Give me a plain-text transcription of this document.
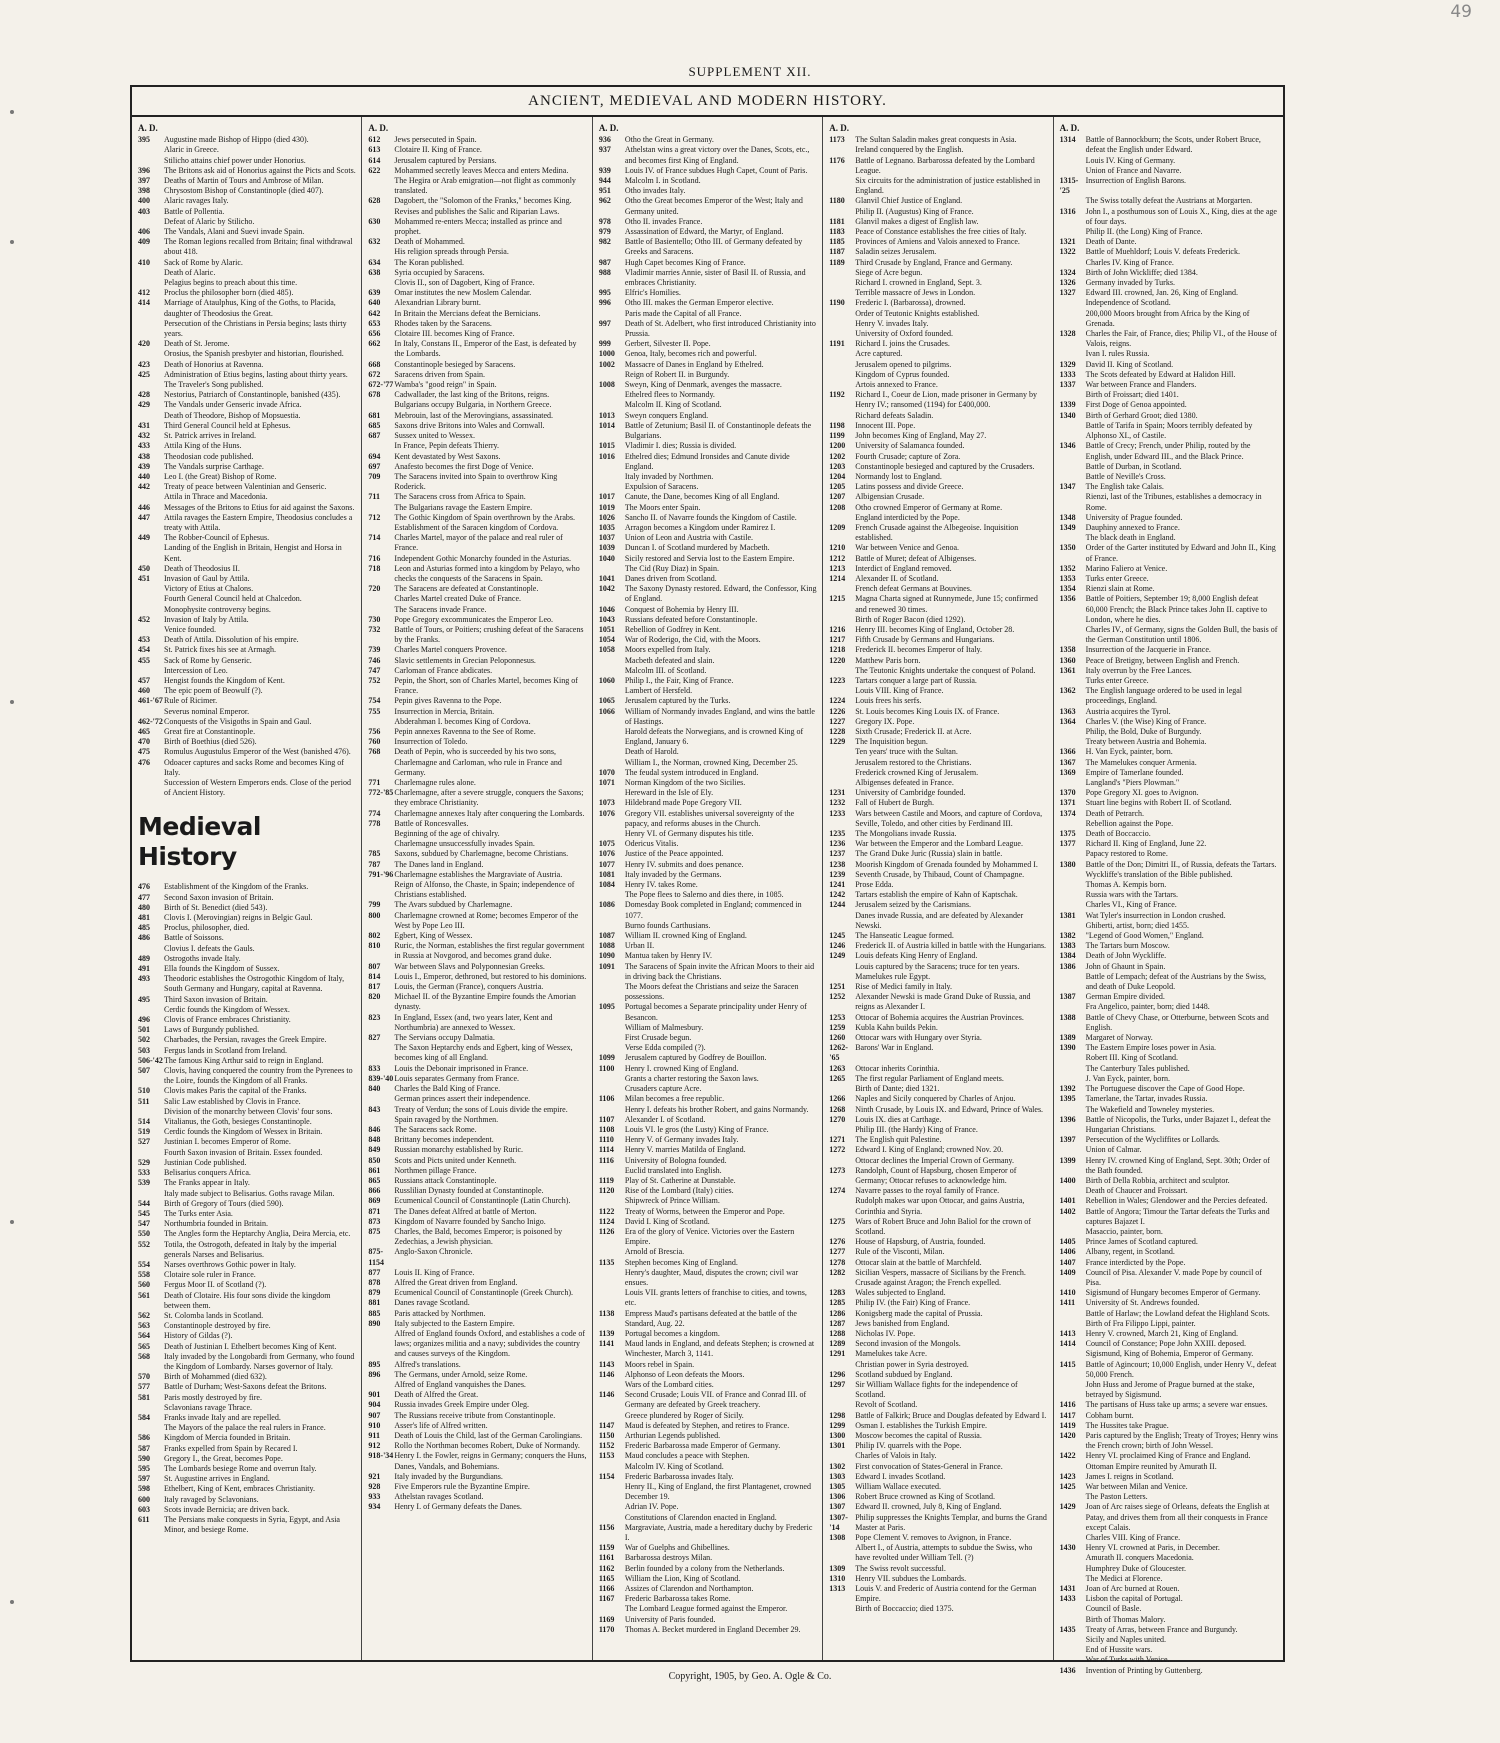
49
SUPPLEMENT XII.
ANCIENT, MEDIEVAL AND MODERN HISTORY.
A. D.
395	Augustine made Bishop of Hippo (died 430).
Alaric in Greece.
Stilicho attains chief power under Honorius.
396	The Britons ask aid of Honorius against the Picts and Scots.
397	Deaths of Martin of Tours and Ambrose of Milan.
398	Chrysostom Bishop of Constantinople (died 407).
400	Alaric ravages Italy.
403	Battle of Pollentia.
Defeat of Alaric by Stilicho.
406	The Vandals, Alani and Suevi invade Spain.
409	The Roman legions recalled from Britain; final withdrawal about 418.
410	Sack of Rome by Alaric.
Death of Alaric.
Pelagius begins to preach about this time.
412	Proclus the philosopher born (died 485).
414	Marriage of Ataulphus, King of the Goths, to Placida, daughter of Theodosius the Great.
Persecution of the Christians in Persia begins; lasts thirty years.
420	Death of St. Jerome.
Orosius, the Spanish presbyter and historian, flourished.
423	Death of Honorius at Ravenna.
425	Administration of Etius begins, lasting about thirty years.
The Traveler's Song published.
428	Nestorius, Patriarch of Constantinople, banished (435).
429	The Vandals under Genseric invade Africa.
Death of Theodore, Bishop of Mopsuestia.
431	Third General Council held at Ephesus.
432	St. Patrick arrives in Ireland.
433	Attila King of the Huns.
438	Theodosian code published.
439	The Vandals surprise Carthage.
440	Leo I. (the Great) Bishop of Rome.
442	Treaty of peace between Valentinian and Genseric.
Attila in Thrace and Macedonia.
446	Messages of the Britons to Etius for aid against the Saxons.
447	Attila ravages the Eastern Empire, Theodosius concludes a treaty with Attila.
449	The Robber-Council of Ephesus.
Landing of the English in Britain, Hengist and Horsa in Kent.
450	Death of Theodosius II.
451	Invasion of Gaul by Attila.
Victory of Etius at Chalons.
Fourth General Council held at Chalcedon.
Monophysite controversy begins.
452	Invasion of Italy by Attila.
Venice founded.
453	Death of Attila. Dissolution of his empire.
454	St. Patrick fixes his see at Armagh.
455	Sack of Rome by Genseric.
Intercession of Leo.
457	Hengist founds the Kingdom of Kent.
460	The epic poem of Beowulf (?).
461-'67 Rule of Ricimer.
Severus nominal Emperor.
462-'72 Conquests of the Visigoths in Spain and Gaul.
465	Great fire at Constantinople.
470	Birth of Boethius (died 526).
475	Romulus Augustulus Emperor of the West (banished 476).
476	Odoacer captures and sacks Rome and becomes King of Italy.
Succession of Western Emperors ends. Close of the period of Ancient History.
Medieval History
476	Establishment of the Kingdom of the Franks.
477	Second Saxon invasion of Britain.
480	Birth of St. Benedict (died 543).
481	Clovis I. (Merovingian) reigns in Belgic Gaul.
485	Proclus, philosopher, died.
486	Battle of Soissons.
Clovius I. defeats the Gauls.
489	Ostrogoths invade Italy.
491	Ella founds the Kingdom of Sussex.
493	Theodoric establishes the Ostrogothic Kingdom of Italy, South Germany and Hungary, capital at Ravenna.
495	Third Saxon invasion of Britain.
Cerdic founds the Kingdom of Wessex.
496	Clovis of France embraces Christianity.
501	Laws of Burgundy published.
502	Charbades, the Persian, ravages the Greek Empire.
503	Fergus lands in Scotland from Ireland.
506-'42 The famous King Arthur said to reign in England.
507	Clovis, having conquered the country from the Pyrenees to the Loire, founds the Kingdom of all Franks.
510	Clovis makes Paris the capital of the Franks.
511	Salic Law established by Clovis in France.
Division of the monarchy between Clovis' four sons.
514	Vitalianus, the Goth, besieges Constantinople.
519	Cerdic founds the Kingdom of Wessex in Britain.
527	Justinian I. becomes Emperor of Rome.
Fourth Saxon invasion of Britain. Essex founded.
529	Justinian Code published.
533	Belisarius conquers Africa.
539	The Franks appear in Italy.
Italy made subject to Belisarius. Goths ravage Milan.
544	Birth of Gregory of Tours (died 590).
545	The Turks enter Asia.
547	Northumbria founded in Britain.
550	The Angles form the Heptarchy Anglia, Deira Mercia, etc.
552	Totila, the Ostrogoth, defeated in Italy by the imperial generals Narses and Belisarius.
554	Narses overthrows Gothic power in Italy.
558	Clotaire sole ruler in France.
560	Fergus Moor II. of Scotland (?).
561	Death of Clotaire. His four sons divide the kingdom between them.
562	St. Colomba lands in Scotland.
563	Constantinople destroyed by fire.
564	History of Gildas (?).
565	Death of Justinian I. Ethelbert becomes King of Kent.
568	Italy invaded by the Longobardi from Germany, who found the Kingdom of Lombardy. Narses governor of Italy.
570	Birth of Mohammed (died 632).
577	Battle of Durham; West-Saxons defeat the Britons.
581	Paris mostly destroyed by fire.
Sclavonians ravage Thrace.
584	Franks invade Italy and are repelled.
The Mayors of the palace the real rulers in France.
586	Kingdom of Mercia founded in Britain.
587	Franks expelled from Spain by Recared I.
590	Gregory I., the Great, becomes Pope.
595	The Lombards besiege Rome and overrun Italy.
597	St. Augustine arrives in England.
598	Ethelbert, King of Kent, embraces Christianity.
600	Italy ravaged by Sclavonians.
603	Scots invade Bernicia; are driven back.
611	The Persians make conquests in Syria, Egypt, and Asia Minor, and besiege Rome.
A. D.
612	Jews persecuted in Spain.
613	Clotaire II. King of France.
614	Jerusalem captured by Persians.
622	Mohammed secretly leaves Mecca and enters Medina.
The Hegira or Arab emigration—not flight as commonly translated.
628	Dagobert, the "Solomon of the Franks," becomes King.
Revises and publishes the Salic and Riparian Laws.
630	Mohammed re-enters Mecca; installed as prince and prophet.
632	Death of Mohammed.
His religion spreads through Persia.
634	The Koran published.
638	Syria occupied by Saracens.
Clovis II., son of Dagobert, King of France.
639	Omar institutes the new Moslem Calendar.
640	Alexandrian Library burnt.
642	In Britain the Mercians defeat the Bernicians.
653	Rhodes taken by the Saracens.
656	Clotaire III. becomes King of France.
662	In Italy, Constans II., Emperor of the East, is defeated by the Lombards.
668	Constantinople besieged by Saracens.
672	Saracens driven from Spain.
672-'77 Wamba's "good reign" in Spain.
678	Cadwallader, the last king of the Britons, reigns.
Bulgarians occupy Bulgaria, in Northern Greece.
681	Mebrouin, last of the Merovingians, assassinated.
685	Saxons drive Britons into Wales and Cornwall.
687	Sussex united to Wessex.
In France, Pepin defeats Thierry.
694	Kent devastated by West Saxons.
697	Anafesto becomes the first Doge of Venice.
709	The Saracens invited into Spain to overthrow King Roderick.
711	The Saracens cross from Africa to Spain.
The Bulgarians ravage the Eastern Empire.
712	The Gothic Kingdom of Spain overthrown by the Arabs.
Establishment of the Saracen kingdom of Cordova.
714	Charles Martel, mayor of the palace and real ruler of France.
716	Independent Gothic Monarchy founded in the Asturias.
718	Leon and Asturias formed into a kingdom by Pelayo, who checks the conquests of the Saracens in Spain.
720	The Saracens are defeated at Constantinople.
Charles Martel created Duke of France.
The Saracens invade France.
730	Pope Gregory excommunicates the Emperor Leo.
732	Battle of Tours, or Poitiers; crushing defeat of the Saracens by the Franks.
739	Charles Martel conquers Provence.
746	Slavic settlements in Grecian Peloponnesus.
747	Carloman of France abdicates.
752	Pepin, the Short, son of Charles Martel, becomes King of France.
754	Pepin gives Ravenna to the Pope.
755	Insurrection in Mercia, Britain.
Abderahman I. becomes King of Cordova.
756	Pepin annexes Ravenna to the See of Rome.
760	Insurrection of Toledo.
768	Death of Pepin, who is succeeded by his two sons, Charlemagne and Carloman, who rule in France and Germany.
771	Charlemagne rules alone.
772-'85 Charlemagne, after a severe struggle, conquers the Saxons; they embrace Christianity.
774	Charlemagne annexes Italy after conquering the Lombards.
778	Battle of Roncesvalles.
Beginning of the age of chivalry.
Charlemagne unsuccessfully invades Spain.
785	Saxons, subdued by Charlemagne, become Christians.
787	The Danes land in England.
791-'96 Charlemagne establishes the Margraviate of Austria.
Reign of Alfonso, the Chaste, in Spain; independence of Christians established.
799	The Avars subdued by Charlemagne.
800	Charlemagne crowned at Rome; becomes Emperor of the West by Pope Leo III.
802	Egbert, King of Wessex.
810	Ruric, the Norman, establishes the first regular government in Russia at Novgorod, and becomes grand duke.
807	War between Slavs and Polyponnesian Greeks.
814	Louis I., Emperor, dethroned, but restored to his dominions.
817	Louis, the German (France), conquers Austria.
820	Michael II. of the Byzantine Empire founds the Amorian dynasty.
823	In England, Essex (and, two years later, Kent and Northumbria) are annexed to Wessex.
827	The Servians occupy Dalmatia.
The Saxon Heptarchy ends and Egbert, king of Wessex, becomes king of all England.
833	Louis the Debonair imprisoned in France.
839-'40 Louis separates Germany from France.
840	Charles the Bald King of France.
German princes assert their independence.
843	Treaty of Verdun; the sons of Louis divide the empire.
Spain ravaged by the Northmen.
846	The Saracens sack Rome.
848	Brittany becomes independent.
849	Russian monarchy established by Ruric.
850	Scots and Picts united under Kenneth.
861	Northmen pillage France.
865	Russians attack Constantinople.
866	Russlilian Dynasty founded at Constantinople.
869	Ecumenical Council of Constantinople (Latin Church).
871	The Danes defeat Alfred at battle of Merton.
873	Kingdom of Navarre founded by Sancho Inigo.
875	Charles, the Bald, becomes Emperor; is poisoned by Zedechias, a Jewish physician.
875-1154
Anglo-Saxon Chronicle.
877	Louis II. King of France.
878	Alfred the Great driven from England.
879	Ecumenical Council of Constantinople (Greek Church).
881	Danes ravage Scotland.
885	Paris attacked by Northmen.
890	Italy subjected to the Eastern Empire.
Alfred of England founds Oxford, and establishes a code of laws; organizes militia and a navy; subdivides the country and causes surveys of the Kingdom.
895	Alfred's translations.
896	The Germans, under Arnold, seize Rome.
Alfred of England vanquishes the Danes.
901	Death of Alfred the Great.
904	Russia invades Greek Empire under Oleg.
907	The Russians receive tribute from Constantinople.
910	Asser's life of Alfred written.
911	Death of Louis the Child, last of the German Carolingians.
912	Rollo the Northman becomes Robert, Duke of Normandy.
918-'34 Henry I. the Fowler, reigns in Germany; conquers the Huns, Danes, Vandals, and Bohemians.
921	Italy invaded by the Burgundians.
928	Five Emperors rule the Byzantine Empire.
933	Athelstan ravages Scotland.
934	Henry I. of Germany defeats the Danes.
A. D.
936	Otho the Great in Germany.
937	Athelstan wins a great victory over the Danes, Scots, etc., and becomes first King of England.
939	Louis IV. of France subdues Hugh Capet, Count of Paris.
944	Malcolm I. in Scotland.
951	Otho invades Italy.
962	Otho the Great becomes Emperor of the West; Italy and Germany united.
978	Otho II. invades France.
979	Assassination of Edward, the Martyr, of England.
982	Battle of Basientello; Otho III. of Germany defeated by Greeks and Saracens.
987	Hugh Capet becomes King of France.
988	Vladimir marries Annie, sister of Basil II. of Russia, and embraces Christianity.
995	Elfric's Homilies.
996	Otho III. makes the German Emperor elective.
Paris made the Capital of all France.
997	Death of St. Adelbert, who first introduced Christianity into Prussia.
999	Gerbert, Silvester II. Pope.
1000	Genoa, Italy, becomes rich and powerful.
1002	Massacre of Danes in England by Ethelred.
Reign of Robert II. in Burgundy.
1008	Sweyn, King of Denmark, avenges the massacre.
Ethelred flees to Normandy.
Malcolm II. King of Scotland.
1013	Sweyn conquers England.
1014	Battle of Zetunium; Basil II. of Constantinople defeats the Bulgarians.
1015	Vladimir I. dies; Russia is divided.
1016	Ethelred dies; Edmund Ironsides and Canute divide England.
Italy invaded by Northmen.
Expulsion of Saracens.
1017	Canute, the Dane, becomes King of all England.
1019	The Moors enter Spain.
1026	Sancho II. of Navarre founds the Kingdom of Castile.
1035	Arragon becomes a Kingdom under Ramirez I.
1037	Union of Leon and Austria with Castile.
1039	Duncan I. of Scotland murdered by Macbeth.
1040	Sicily restored and Servia lost to the Eastern Empire.
The Cid (Ruy Diaz) in Spain.
1041	Danes driven from Scotland.
1042	The Saxony Dynasty restored. Edward, the Confessor, King of England.
1046	Conquest of Bohemia by Henry III.
1043	Russians defeated before Constantinople.
1051	Rebellion of Godfrey in Kent.
1054	War of Roderigo, the Cid, with the Moors.
1058	Moors expelled from Italy.
Macbeth defeated and slain.
Malcolm III. of Scotland.
1060	Philip I., the Fair, King of France.
Lambert of Hersfeld.
1065	Jerusalem captured by the Turks.
1066	William of Normandy invades England, and wins the battle of Hastings.
Harold defeats the Norwegians, and is crowned King of England, January 6.
Death of Harold.
William I., the Norman, crowned King, December 25.
1070	The feudal system introduced in England.
1071	Norman Kingdom of the two Sicilies.
Hereward in the Isle of Ely.
1073	Hildebrand made Pope Gregory VII.
1076	Gregory VII. establishes universal sovereignty of the papacy, and reforms abuses in the Church.
Henry VI. of Germany disputes his title.
1075	Odericus Vitalis.
1076	Justice of the Peace appointed.
1077	Henry IV. submits and does penance.
1081	Italy invaded by the Germans.
1084	Henry IV. takes Rome.
The Pope flees to Salerno and dies there, in 1085.
1086	Domesday Book completed in England; commenced in 1077.
Burno founds Carthusians.
1087	William II. crowned King of England.
1088	Urban II.
1090	Mantua taken by Henry IV.
1091	The Saracens of Spain invite the African Moors to their aid in driving back the Christians.
The Moors defeat the Christians and seize the Saracen possessions.
1095	Portugal becomes a Separate principality under Henry of Besancon.
William of Malmesbury.
First Crusade begun.
Verse Edda compiled (?).
1099	Jerusalem captured by Godfrey de Bouillon.
1100	Henry I. crowned King of England.
Grants a charter restoring the Saxon laws.
Crusaders capture Acre.
1106	Milan becomes a free republic.
Henry I. defeats his brother Robert, and gains Normandy.
1107	Alexander I. of Scotland.
1108	Louis VI. le gros (the Lusty) King of France.
1110	Henry V. of Germany invades Italy.
1114	Henry V. marries Matilda of England.
1116	University of Bologna founded.
Euclid translated into English.
1119	Play of St. Catherine at Dunstable.
1120	Rise of the Lombard (Italy) cities.
Shipwreck of Prince William.
1122	Treaty of Worms, between the Emperor and Pope.
1124	David I. King of Scotland.
1126	Era of the glory of Venice. Victories over the Eastern Empire.
Arnold of Brescia.
1135	Stephen becomes King of England.
Henry's daughter, Maud, disputes the crown; civil war ensues.
Louis VII. grants letters of franchise to cities, and towns, etc.
1138	Empress Maud's partisans defeated at the battle of the Standard, Aug. 22.
1139	Portugal becomes a kingdom.
1141	Maud lands in England, and defeats Stephen; is crowned at Winchester, March 3, 1141.
1143	Moors rebel in Spain.
1146	Alphonso of Leon defeats the Moors.
Wars of the Lombard cities.
1146	Second Crusade; Louis VII. of France and Conrad III. of Germany are defeated by Greek treachery.
Greece plundered by Roger of Sicily.
1147	Maud is defeated by Stephen, and retires to France.
1150	Arthurian Legends published.
1152	Frederic Barbarossa made Emperor of Germany.
1153	Maud concludes a peace with Stephen.
Malcolm IV. King of Scotland.
1154	Frederic Barbarossa invades Italy.
Henry II., King of England, the first Plantagenet, crowned December 19.
Adrian IV. Pope.
Constitutions of Clarendon enacted in England.
1156	Margraviate, Austria, made a hereditary duchy by Frederic I.
1159	War of Guelphs and Ghibellines.
1161	Barbarossa destroys Milan.
1162	Berlin founded by a colony from the Netherlands.
1165	William the Lion, King of Scotland.
1166	Assizes of Clarendon and Northampton.
1167	Frederic Barbarossa takes Rome.
The Lombard League formed against the Emperor.
1169	University of Paris founded.
1170	Thomas A. Becket murdered in England December 29.
A. D.
1173	The Sultan Saladin makes great conquests in Asia.
Ireland conquered by the English.
1176	Battle of Legnano. Barbarossa defeated by the Lombard League.
Six circuits for the administration of justice established in England.
1180	Glanvil Chief Justice of England.
Philip II. (Augustus) King of France.
1181	Glanvil makes a digest of English law.
1183	Peace of Constance establishes the free cities of Italy.
1185	Provinces of Amiens and Valois annexed to France.
1187	Saladin seizes Jerusalem.
1189	Third Crusade by England, France and Germany.
Siege of Acre begun.
Richard I. crowned in England, Sept. 3.
Terrible massacre of Jews in London.
1190	Frederic I. (Barbarossa), drowned.
Order of Teutonic Knights established.
Henry V. invades Italy.
University of Oxford founded.
1191	Richard I. joins the Crusades.
Acre captured.
Jerusalem opened to pilgrims.
Kingdom of Cyprus founded.
Artois annexed to France.
1192	Richard I., Coeur de Lion, made prisoner in Germany by Henry IV.; ransomed (1194) for £400,000.
Richard defeats Saladin.
1198	Innocent III. Pope.
1199	John becomes King of England, May 27.
1200	University of Salamanca founded.
1202	Fourth Crusade; capture of Zora.
1203	Constantinople besieged and captured by the Crusaders.
1204	Normandy lost to England.
1205	Latins possess and divide Greece.
1207	Albigensian Crusade.
1208	Otho crowned Emperor of Germany at Rome.
England interdicted by the Pope.
1209	French Crusade against the Albegeoise. Inquisition established.
1210	War between Venice and Genoa.
1212	Battle of Muret; defeat of Albigenses.
1213	Interdict of England removed.
1214	Alexander II. of Scotland.
French defeat Germans at Bouvines.
1215	Magna Charta signed at Runnymede, June 15; confirmed and renewed 30 times.
Birth of Roger Bacon (died 1292).
1216	Henry III. becomes King of England, October 28.
1217	Fifth Crusade by Germans and Hungarians.
1218	Frederick II. becomes Emperor of Italy.
1220	Matthew Paris born.
The Teutonic Knights undertake the conquest of Poland.
1223	Tartars conquer a large part of Russia.
Louis VIII. King of France.
1224	Louis frees his serfs.
1226	St. Louis becomes King Louis IX. of France.
1227	Gregory IX. Pope.
1228	Sixth Crusade; Frederick II. at Acre.
1229	The Inquisition begun.
Ten years' truce with the Sultan.
Jerusalem restored to the Christians.
Frederick crowned King of Jerusalem.
Albigenses defeated in France.
1231	University of Cambridge founded.
1232	Fall of Hubert de Burgh.
1233	Wars between Castile and Moors, and capture of Cordova, Seville, Toledo, and other cities by Ferdinand III.
1235	The Mongolians invade Russia.
1236	War between the Emperor and the Lombard League.
1237	The Grand Duke Juric (Russia) slain in battle.
1238	Moorish Kingdom of Grenada founded by Mohammed I.
1239	Seventh Crusade, by Thibaud, Count of Champagne.
1241	Prose Edda.
1242	Tartars establish the empire of Kahn of Kaptschak.
1244	Jerusalem seized by the Carismians.
Danes invade Russia, and are defeated by Alexander Newski.
1245	The Hanseatic League formed.
1246	Frederick II. of Austria killed in battle with the Hungarians.
1249	Louis defeats King Henry of England.
Louis captured by the Saracens; truce for ten years.
Mamelukes rule Egypt.
1251	Rise of Medici family in Italy.
1252	Alexander Newski is made Grand Duke of Russia, and reigns as Alexander I.
1253	Ottocar of Bohemia acquires the Austrian Provinces.
1259	Kubla Kahn builds Pekin.
1260	Ottocar wars with Hungary over Styria.
1262-'65
Barons' War in England.
1263	Ottocar inherits Corinthia.
1265	The first regular Parliament of England meets.
Birth of Dante; died 1321.
1266	Naples and Sicily conquered by Charles of Anjou.
1268	Ninth Crusade, by Louis IX. and Edward, Prince of Wales.
1270	Louis IX. dies at Carthage.
Philip III. (the Hardy) King of France.
1271	The English quit Palestine.
1272	Edward I. King of England; crowned Nov. 20.
Ottocar declines the Imperial Crown of Germany.
1273	Randolph, Count of Hapsburg, chosen Emperor of Germany; Ottocar refuses to acknowledge him.
1274	Navarre passes to the royal family of France.
Rudolph makes war upon Ottocar, and gains Austria, Corinthia and Styria.
1275	Wars of Robert Bruce and John Baliol for the crown of Scotland.
1276	House of Hapsburg, of Austria, founded.
1277	Rule of the Visconti, Milan.
1278	Ottocar slain at the battle of Marchfeld.
1282	Sicilian Vespers, massacre of Sicilians by the French.
Crusade against Aragon; the French expelled.
1283	Wales subjected to England.
1285	Philip IV. (the Fair) King of France.
1286	Konigsberg made the capital of Prussia.
1287	Jews banished from England.
1288	Nicholas IV. Pope.
1289	Second invasion of the Mongols.
1291	Mamelukes take Acre.
Christian power in Syria destroyed.
1296	Scotland subdued by England.
1297	Sir William Wallace fights for the independence of Scotland.
Revolt of Scotland.
1298	Battle of Falkirk; Bruce and Douglas defeated by Edward I.
1299	Osman I. establishes the Turkish Empire.
1300	Moscow becomes the capital of Russia.
1301	Philip IV. quarrels with the Pope.
Charles of Valois in Italy.
1302	First convocation of States-General in France.
1303	Edward I. invades Scotland.
1305	William Wallace executed.
1306	Robert Bruce crowned as King of Scotland.
1307	Edward II. crowned, July 8, King of England.
1307-'14
Philip suppresses the Knights Templar, and burns the Grand Master at Paris.
1308	Pope Clement V. removes to Avignon, in France.
Albert I., of Austria, attempts to subdue the Swiss, who have revolted under William Tell. (?)
1309	The Swiss revolt successful.
1310	Henry VII. subdues the Lombards.
1313	Louis V. and Frederic of Austria contend for the German Empire.
Birth of Boccaccio; died 1375.
A. D.
1314	Battle of Bannockburn; the Scots, under Robert Bruce, defeat the English under Edward.
Louis IV. King of Germany.
Union of France and Navarre.
1315-'25
Insurrection of English Barons.
The Swiss totally defeat the Austrians at Morgarten.
1316	John I., a posthumous son of Louis X., King, dies at the age of four days.
Philip II. (the Long) King of France.
1321	Death of Dante.
1322	Battle of Muehldorf; Louis V. defeats Frederick.
Charles IV. King of France.
1324	Birth of John Wickliffe; died 1384.
1326	Germany invaded by Turks.
1327	Edward III. crowned, Jan. 26, King of England.
Independence of Scotland.
200,000 Moors brought from Africa by the King of Grenada.
1328	Charles the Fair, of France, dies; Philip VI., of the House of Valois, reigns.
Ivan I. rules Russia.
1329	David II. King of Scotland.
1333	The Scots defeated by Edward at Halidon Hill.
1337	War between France and Flanders.
Birth of Froissart; died 1401.
1339	First Doge of Genoa appointed.
1340	Birth of Gerhard Groot; died 1380.
Battle of Tarifa in Spain; Moors terribly defeated by Alphonso XI., of Castile.
1346	Battle of Crecy; French, under Philip, routed by the English, under Edward III., and the Black Prince.
Battle of Durban, in Scotland.
Battle of Neville's Cross.
1347	The English take Calais.
Rienzi, last of the Tribunes, establishes a democracy in Rome.
1348	University of Prague founded.
1349	Dauphiny annexed to France.
The black death in England.
1350	Order of the Garter instituted by Edward and John II., King of France.
1352	Marino Faliero at Venice.
1353	Turks enter Greece.
1354	Rienzi slain at Rome.
1356	Battle of Poitiers, September 19; 8,000 English defeat 60,000 French; the Black Prince takes John II. captive to London, where he dies.
Charles IV., of Germany, signs the Golden Bull, the basis of the German Constitution until 1806.
1358	Insurrection of the Jacquerie in France.
1360	Peace of Bretigny, between English and French.
1361	Italy overrun by the Free Lances.
Turks enter Greece.
1362	The English language ordered to be used in legal proceedings, England.
1363	Austria acquires the Tyrol.
1364	Charles V. (the Wise) King of France.
Philip, the Bold, Duke of Burgundy.
Treaty between Austria and Bohemia.
1366	H. Van Eyck, painter, born.
1367	The Mamelukes conquer Armenia.
1369	Empire of Tamerlane founded.
Langland's "Piers Plowman."
1370	Pope Gregory XI. goes to Avignon.
1371	Stuart line begins with Robert II. of Scotland.
1374	Death of Petrarch.
Rebellion against the Pope.
1375	Death of Boccaccio.
1377	Richard II. King of England, June 22.
Papacy restored to Rome.
1380	Battle of the Don; Dimitri II., of Russia, defeats the Tartars.
Wyckliffe's translation of the Bible published.
Thomas A. Kempis born.
Russia wars with the Tartars.
Charles VI., King of France.
1381	Wat Tyler's insurrection in London crushed.
Ghiberti, artist, born; died 1455.
1382	"Legend of Good Women," England.
1383	The Tartars burn Moscow.
1384	Death of John Wyckliffe.
1386	John of Ghaunt in Spain.
Battle of Lempach; defeat of the Austrians by the Swiss, and death of Duke Leopold.
1387	German Empire divided.
Fra Angelico, painter, born; died 1448.
1388	Battle of Chevy Chase, or Otterburne, between Scots and English.
1389	Margaret of Norway.
1390	The Eastern Empire loses power in Asia.
Robert III. King of Scotland.
The Canterbury Tales published.
J. Van Eyck, painter, born.
1392	The Portuguese discover the Cape of Good Hope.
1395	Tamerlane, the Tartar, invades Russia.
The Wakefield and Towneley mysteries.
1396	Battle of Nicopolis, the Turks, under Bajazet I., defeat the Hungarian Christians.
1397	Persecution of the Wycliffites or Lollards.
Union of Calmar.
1399	Henry IV. crowned King of England, Sept. 30th; Order of the Bath founded.
1400	Birth of Della Robbia, architect and sculptor.
Death of Chaucer and Froissart.
1401	Rebellion in Wales; Glendower and the Percies defeated.
1402	Battle of Angora; Timour the Tartar defeats the Turks and captures Bajazet I.
Masaccio, painter, born.
1405	Prince James of Scotland captured.
1406	Albany, regent, in Scotland.
1407	France interdicted by the Pope.
1409	Council of Pisa. Alexander V. made Pope by council of Pisa.
1410	Sigismund of Hungary becomes Emperor of Germany.
1411	University of St. Andrews founded.
Battle of Harlaw; the Lowland defeat the Highland Scots.
Birth of Fra Filippo Lippi, painter.
1413	Henry V. crowned, March 21, King of England.
1414	Council of Constance; Pope John XXIII. deposed.
Sigismund, King of Bohemia, Emperor of Germany.
1415	Battle of Agincourt; 10,000 English, under Henry V., defeat 50,000 French.
John Huss and Jerome of Prague burned at the stake, betrayed by Sigismund.
1416	The partisans of Huss take up arms; a severe war ensues.
1417	Cobham burnt.
1419	The Hussites take Prague.
1420	Paris captured by the English; Treaty of Troyes; Henry wins the French crown; birth of John Wessel.
1422	Henry VI. proclaimed King of France and England.
Ottoman Empire reunited by Amurath II.
1423	James I. reigns in Scotland.
1425	War between Milan and Venice.
The Paston Letters.
1429	Joan of Arc raises siege of Orleans, defeats the English at Patay, and drives them from all their conquests in France except Calais.
Charles VIII. King of France.
1430	Henry VI. crowned at Paris, in December.
Amurath II. conquers Macedonia.
Humphrey Duke of Gloucester.
The Medici at Florence.
1431	Joan of Arc burned at Rouen.
1433	Lisbon the capital of Portugal.
Council of Basle.
Birth of Thomas Malory.
1435	Treaty of Arras, between France and Burgundy.
Sicily and Naples united.
End of Hussite wars.
War of Turks with Venice.
1436	Invention of Printing by Guttenberg.
Copyright, 1905, by Geo. A. Ogle & Co.
